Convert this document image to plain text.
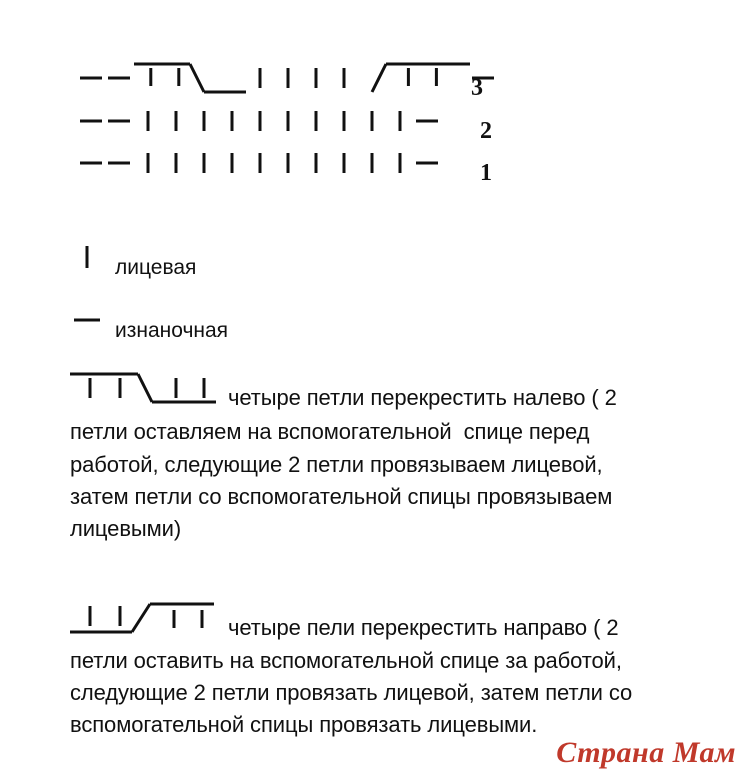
3
2
1
лицевая
изнаночная
четыре петли перекрестить налево ( 2
петли оставляем на вспомогательной  спице перед
работой, следующие 2 петли провязываем лицевой,
затем петли со вспомогательной спицы провязываем
лицевыми)
четыре пели перекрестить направо ( 2
петли оставить на вспомогательной спице за работой,
следующие 2 петли провязать лицевой, затем петли со
вспомогательной спицы провязать лицевыми.
Страна Мам
